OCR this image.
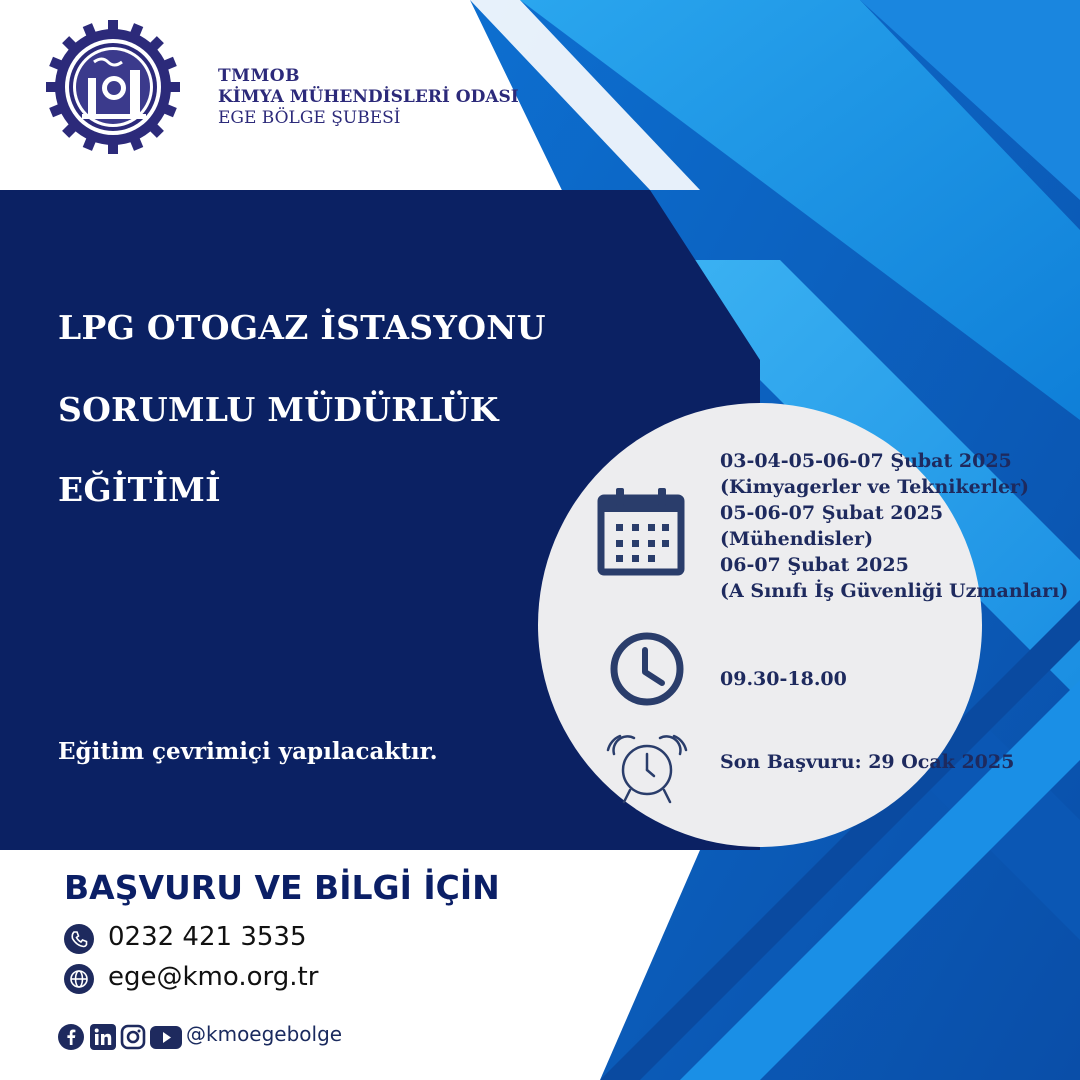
TMMOB
KİMYA MÜHENDİSLERİ ODASI
EGE BÖLGE ŞUBESİ
LPG OTOGAZ İSTASYONU
SORUMLU MÜDÜRLÜK
EĞİTİMİ
Eğitim çevrimiçi yapılacaktır.
03-04-05-06-07 Şubat 2025
(Kimyagerler ve Teknikerler)
05-06-07 Şubat 2025
(Mühendisler)
06-07 Şubat 2025
(A Sınıfı İş Güvenliği Uzmanları)
09.30-18.00
Son Başvuru: 29 Ocak 2025
BAŞVURU VE BİLGİ İÇİN
0232 421 3535
ege@kmo.org.tr
@kmoegebolge
